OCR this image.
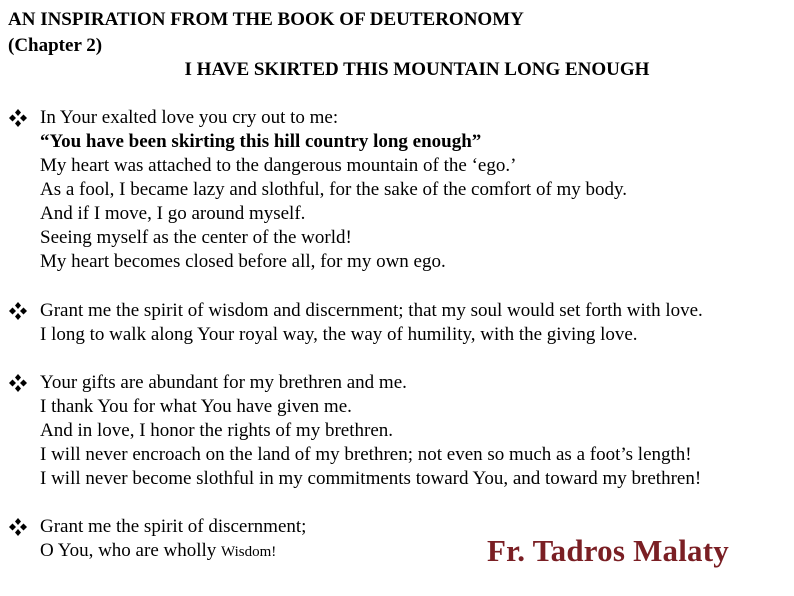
AN INSPIRATION FROM THE BOOK OF DEUTERONOMY
(Chapter 2)
I HAVE SKIRTED THIS MOUNTAIN LONG ENOUGH
In Your exalted love you cry out to me:
“You have been skirting this hill country long enough”
My heart was attached to the dangerous mountain of the ‘ego.’
As a fool, I became lazy and slothful, for the sake of the comfort of my body.
And if I move, I go around myself.
Seeing myself as the center of the world!
My heart becomes closed before all, for my own ego.
Grant me the spirit of wisdom and discernment; that my soul would set forth with love.
I long to walk along Your royal way, the way of humility, with the giving love.
Your gifts are abundant for my brethren and me.
I thank You for what You have given me.
And in love, I honor the rights of my brethren.
I will never encroach on the land of my brethren; not even so much as a foot’s length!
I will never become slothful in my commitments toward You, and toward my brethren!
Grant me the spirit of discernment;
O You, who are wholly Wisdom!	Fr. Tadros Malaty
